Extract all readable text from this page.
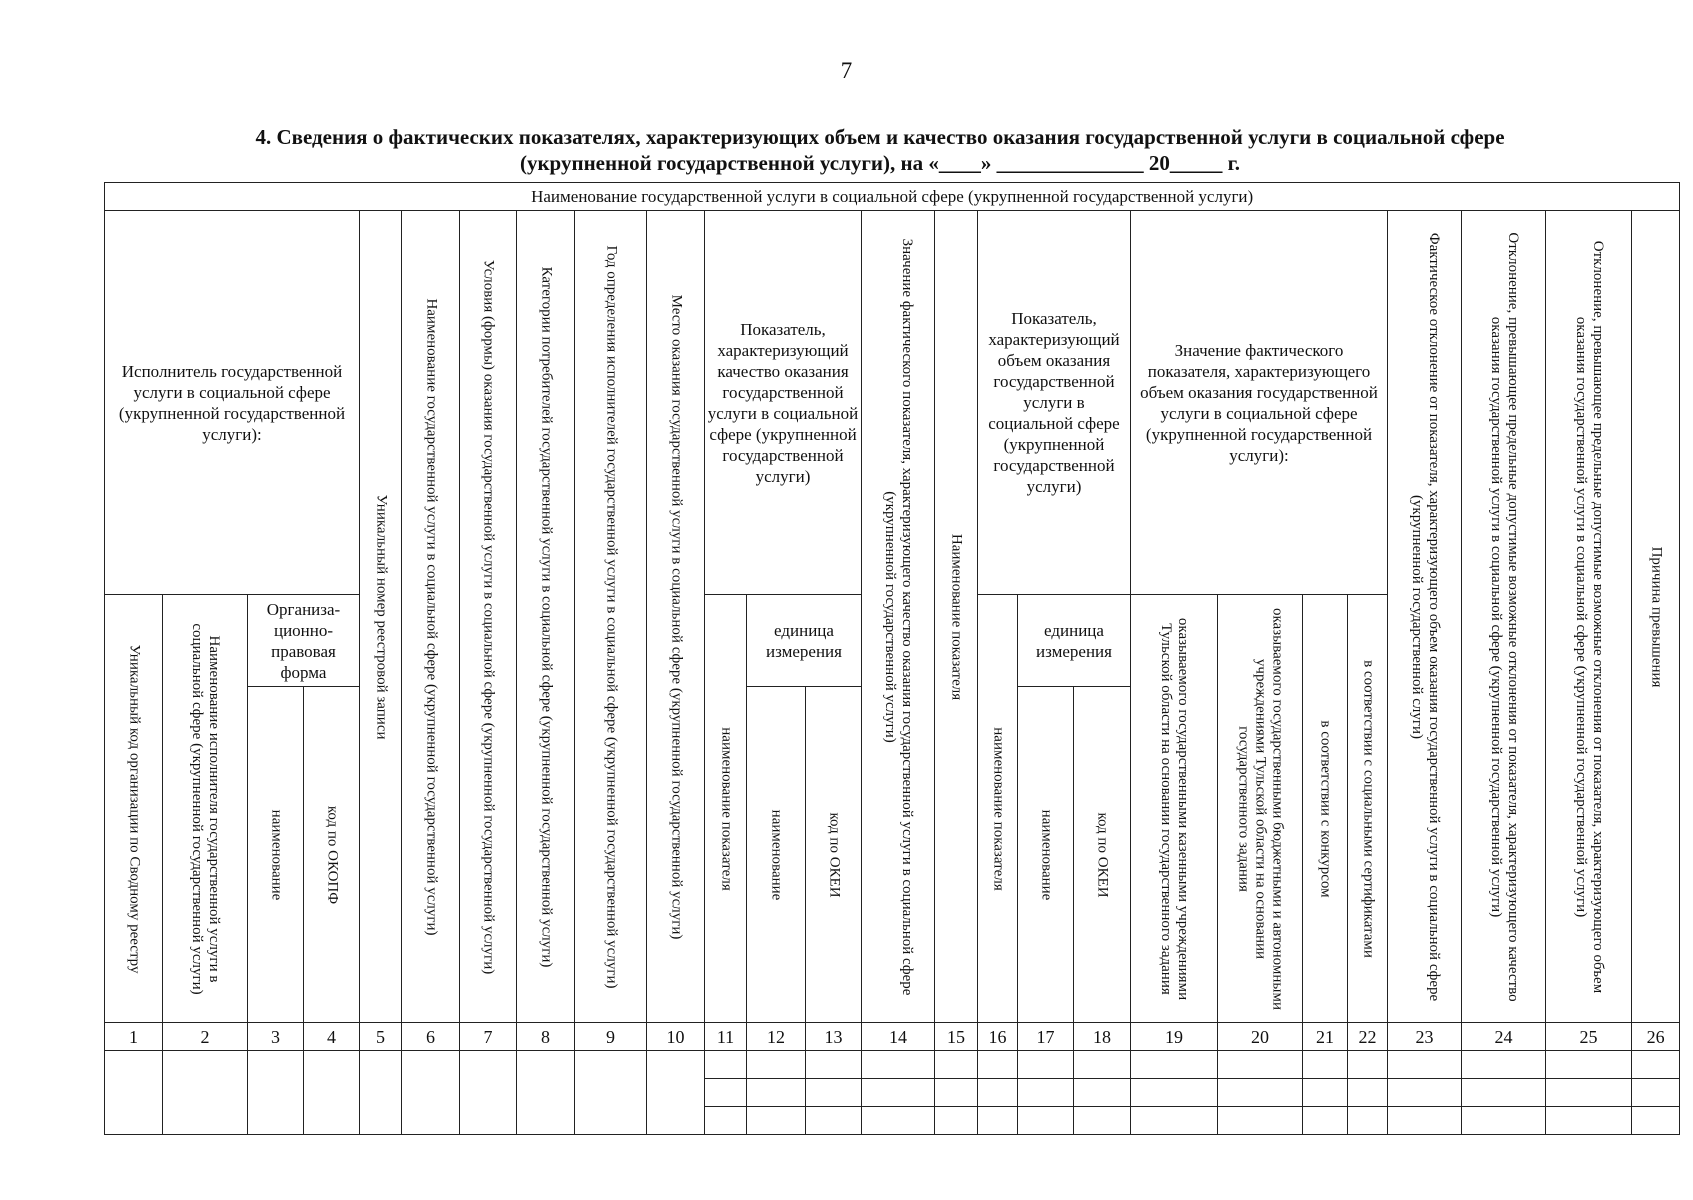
7
4. Сведения о фактических показателях, характеризующих объем и качество оказания государственной услуги в социальной сфере
(укрупненной государственной услуги), на «____» ______________ 20_____ г.
Наименование государственной услуги в социальной сфере (укрупненной государственной услуги)																									
Исполнитель государственной услуги в социальной сфере (укрупненной государственной услуги):				Уникальный номер реестровой записи	Наименование государственной услуги в социальной сфере (укрупненной государственной услуги)	Условия (формы) оказания государственной услуги в социальной сфере (укрупненной государственной услуги)	Категории потребителей государственной услуги в социальной сфере (укрупненной государственной услуги)	Год определения исполнителей государственной услуги в социальной сфере (укрупненной государственной услуги)	Место оказания государственной услуги в социальной сфере (укрупненной государственной услуги)	Показатель, характеризующий качество оказания государственной услуги в социальной сфере (укрупненной государственной услуги)			Значение фактического показателя, характеризующего качество оказания государственной услуги в социальной сфере (укрупненной государственной услуги)	Наименование показателя	Показатель, характеризующий объем оказания государственной услуги в социальной сфере (укрупненной государственной услуги)			Значение фактического показателя, характеризующего объем оказания государственной услуги в социальной сфере (укрупненной государственной услуги):				Фактическое отклонение от показателя, характеризующего объем оказания государственной услуги в социальной сфере (укрупненной государственной слуги)	Отклонение, превышающее предельные допустимые возможные отклонения от показателя, характеризующего качество оказания государственной услуги в социальной сфере (укрупненной государственной услуги)	Отклонение, превышающее предельные допустимые возможные отклонения от показателя, характеризующего объем оказания государственной услуги в социальной сфере (укрупненной государственной услуги)	Причина превышения

Уникальный код организации по Сводному реестру	Наименование исполнителя государственной услуги в социальной сфере (укрупненной государственной услуги)	Организа-ционно-правовая форма								наименование показателя	единица измерения				наименование показателя	единица измерения		оказываемого государственными казенными учреждениями Тульской области на основании государственного задания	оказываемого государственными бюджетными и автономными учреждениями Тульской области на основании государственного задания	в соответствии с конкурсом	в соответствии с социальными сертификатами				

		наименование	код по ОКОПФ								наименование	код по ОКЕИ				наименование	код по ОКЕИ								

1	2	3	4	5	6	7	8	9	10	11	12	13	14	15	16	17	18	19	20	21	22	23	24	25	26
